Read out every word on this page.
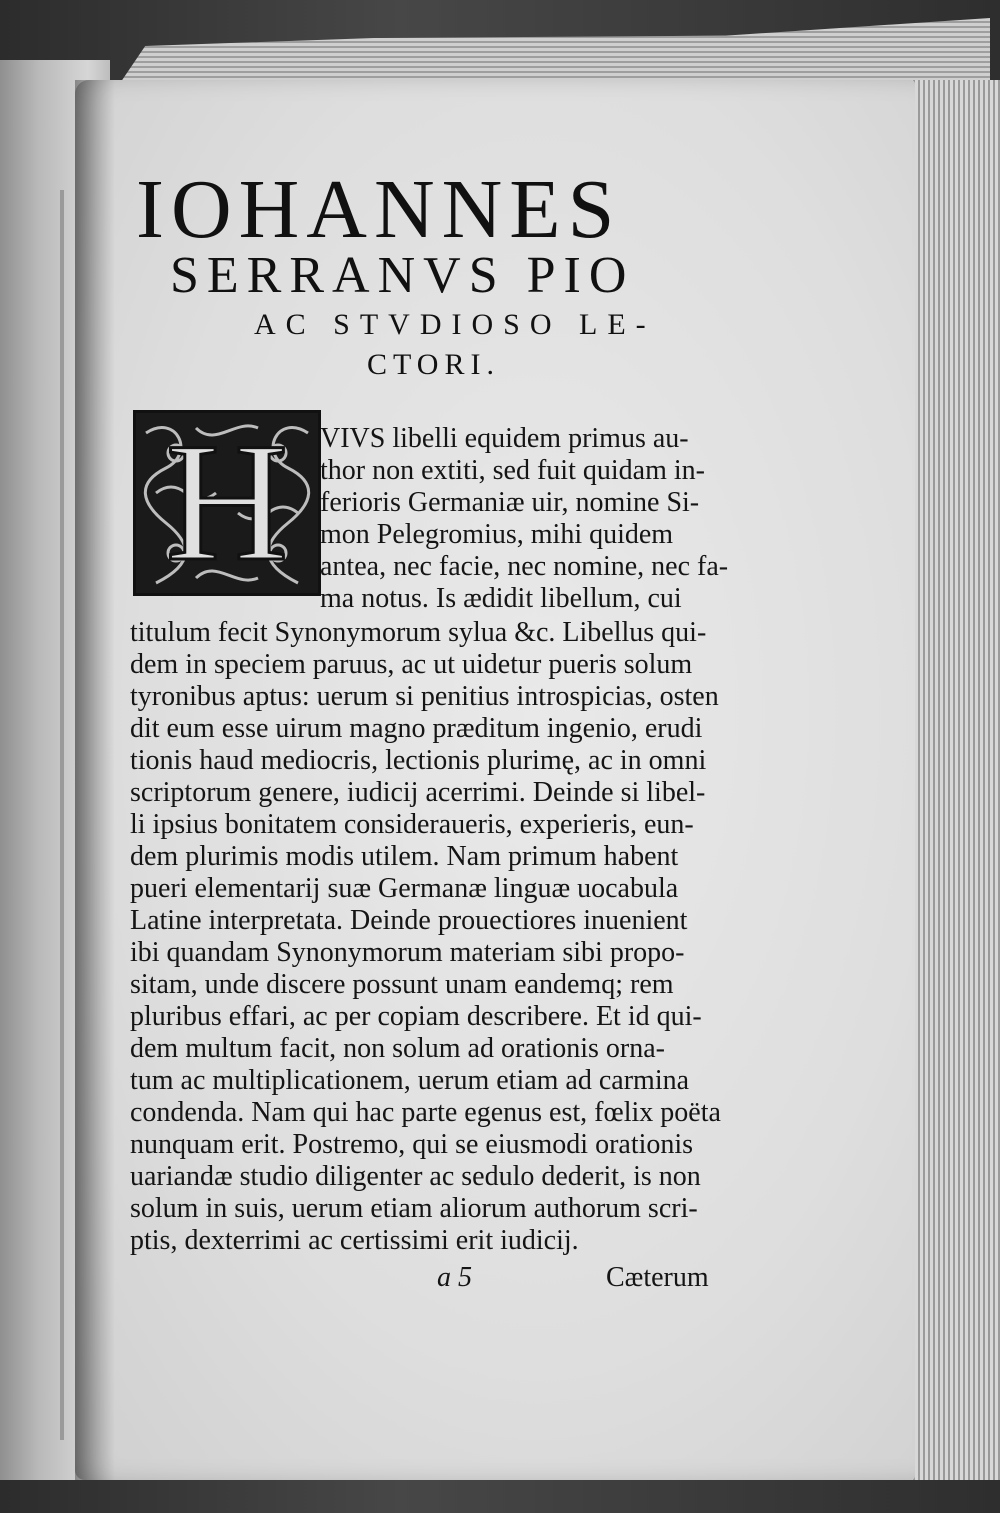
IOHANNES
SERRANVS PIO
AC STVDIOSO LE-
CTORI.
H	VIVS libelli equidem primus au-
thor non extiti, sed fuit quidam in-
ferioris Germaniæ uir, nomine Si-
mon Pelegromius, mihi quidem
antea, nec facie, nec nomine, nec fa-
ma notus. Is ædidit libellum, cui
titulum fecit Synonymorum sylua &c. Libellus qui-
dem in speciem paruus, ac ut uidetur pueris solum
tyronibus aptus: uerum si penitius introspicias, osten
dit eum esse uirum magno præditum ingenio, erudi
tionis haud mediocris, lectionis plurimę, ac in omni
scriptorum genere, iudicij acerrimi. Deinde si libel-
li ipsius bonitatem consideraueris, experieris, eun-
dem plurimis modis utilem. Nam primum habent
pueri elementarij suæ Germanæ linguæ uocabula
Latine interpretata. Deinde prouectiores inuenient
ibi quandam Synonymorum materiam sibi propo-
sitam, unde discere possunt unam eandemq; rem
pluribus effari, ac per copiam describere. Et id qui-
dem multum facit, non solum ad orationis orna-
tum ac multiplicationem, uerum etiam ad carmina
condenda. Nam qui hac parte egenus est, fœlix poëta
nunquam erit. Postremo, qui se eiusmodi orationis
uariandæ studio diligenter ac sedulo dederit, is non
solum in suis, uerum etiam aliorum authorum scri-
ptis, dexterrimi ac certissimi erit iudicij.
a 5	Cæterum
